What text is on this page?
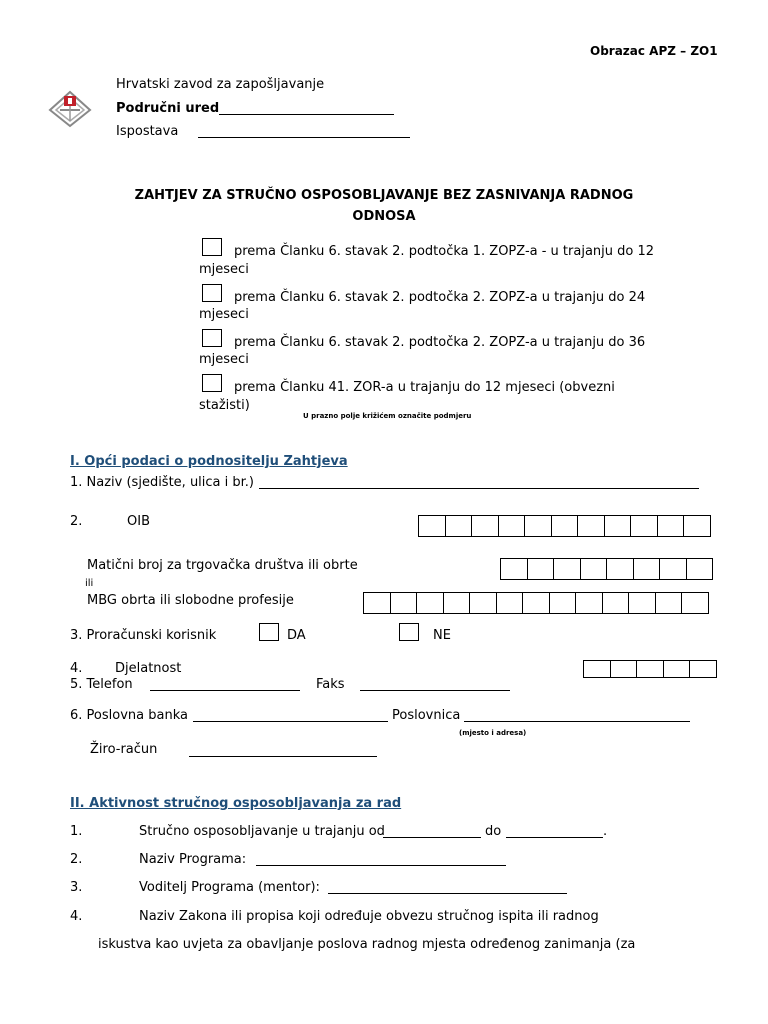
Obrazac APZ – ZO1
Hrvatski zavod za zapošljavanje
Područni ured
Ispostava
ZAHTJEV ZA STRUČNO OSPOSOBLJAVANJE BEZ ZASNIVANJA RADNOG
ODNOSA
prema Članku 6. stavak 2. podtočka 1. ZOPZ-a - u trajanju do 12
mjeseci
prema Članku 6. stavak 2. podtočka 2. ZOPZ-a u trajanju do 24
mjeseci
prema Članku 6. stavak 2. podtočka 2. ZOPZ-a u trajanju do 36
mjeseci
prema Članku 41. ZOR-a u trajanju do 12 mjeseci (obvezni
stažisti)
U prazno polje križićem označite podmjeru
I. Opći podaci o podnositelju Zahtjeva
1. Naziv (sjedište, ulica i br.)
2.	OIB
Matični broj za trgovačka društva ili obrte
ili
MBG obrta ili slobodne profesije
3. Proračunski korisnik	DA	NE
4.	Djelatnost
5. Telefon	Faks
6. Poslovna banka	Poslovnica
(mjesto i adresa)
Žiro-račun
II. Aktivnost stručnog osposobljavanja za rad
1.	Stručno osposobljavanje u trajanju od	do	.
2.	Naziv Programa:
3.	Voditelj Programa (mentor):
4.	Naziv Zakona ili propisa koji određuje obvezu stručnog ispita ili radnog
iskustva kao uvjeta za obavljanje poslova radnog mjesta određenog zanimanja (za
